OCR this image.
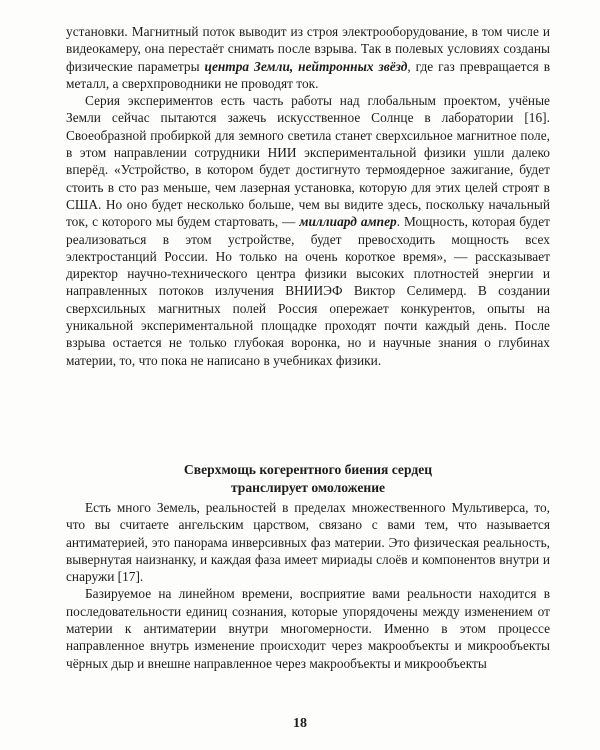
установки. Магнитный поток выводит из строя электрооборудование, в том числе и видеокамеру, она перестаёт снимать после взрыва. Так в полевых условиях созданы физические параметры центра Земли, нейтронных звёзд, где газ превращается в металл, а сверхпроводники не проводят ток.

Серия экспериментов есть часть работы над глобальным проектом, учёные Земли сейчас пытаются зажечь искусственное Солнце в лаборатории [16]. Своеобразной пробиркой для земного светила станет сверхсильное магнитное поле, в этом направлении сотрудники НИИ экспериментальной физики ушли далеко вперёд. «Устройство, в котором будет достигнуто термоядерное зажигание, будет стоить в сто раз меньше, чем лазерная установка, которую для этих целей строят в США. Но оно будет несколько больше, чем вы видите здесь, поскольку начальный ток, с которого мы будем стартовать, — миллиард ампер. Мощность, которая будет реализоваться в этом устройстве, будет превосходить мощность всех электростанций России. Но только на очень короткое время», — рассказывает директор научно-технического центра физики высоких плотностей энергии и направленных потоков излучения ВНИИЭФ Виктор Селимерд. В создании сверхсильных магнитных полей Россия опережает конкурентов, опыты на уникальной экспериментальной площадке проходят почти каждый день. После взрыва остается не только глубокая воронка, но и научные знания о глубинах материи, то, что пока не написано в учебниках физики.

Сверхмощь когерентного биения сердец
транслирует омоложение

Есть много Земель, реальностей в пределах множественного Мультиверса, то, что вы считаете ангельским царством, связано с вами тем, что называется антиматерией, это панорама инверсивных фаз материи. Это физическая реальность, вывернутая наизнанку, и каждая фаза имеет мириады слоёв и компонентов внутри и снаружи [17].

Базируемое на линейном времени, восприятие вами реальности находится в последовательности единиц сознания, которые упорядочены между изменением от материи к антиматерии внутри многомерности. Именно в этом процессе направленное внутрь изменение происходит через макрообъекты и микрообъекты чёрных дыр и внешне направленное через макрообъекты и микрообъекты

18
